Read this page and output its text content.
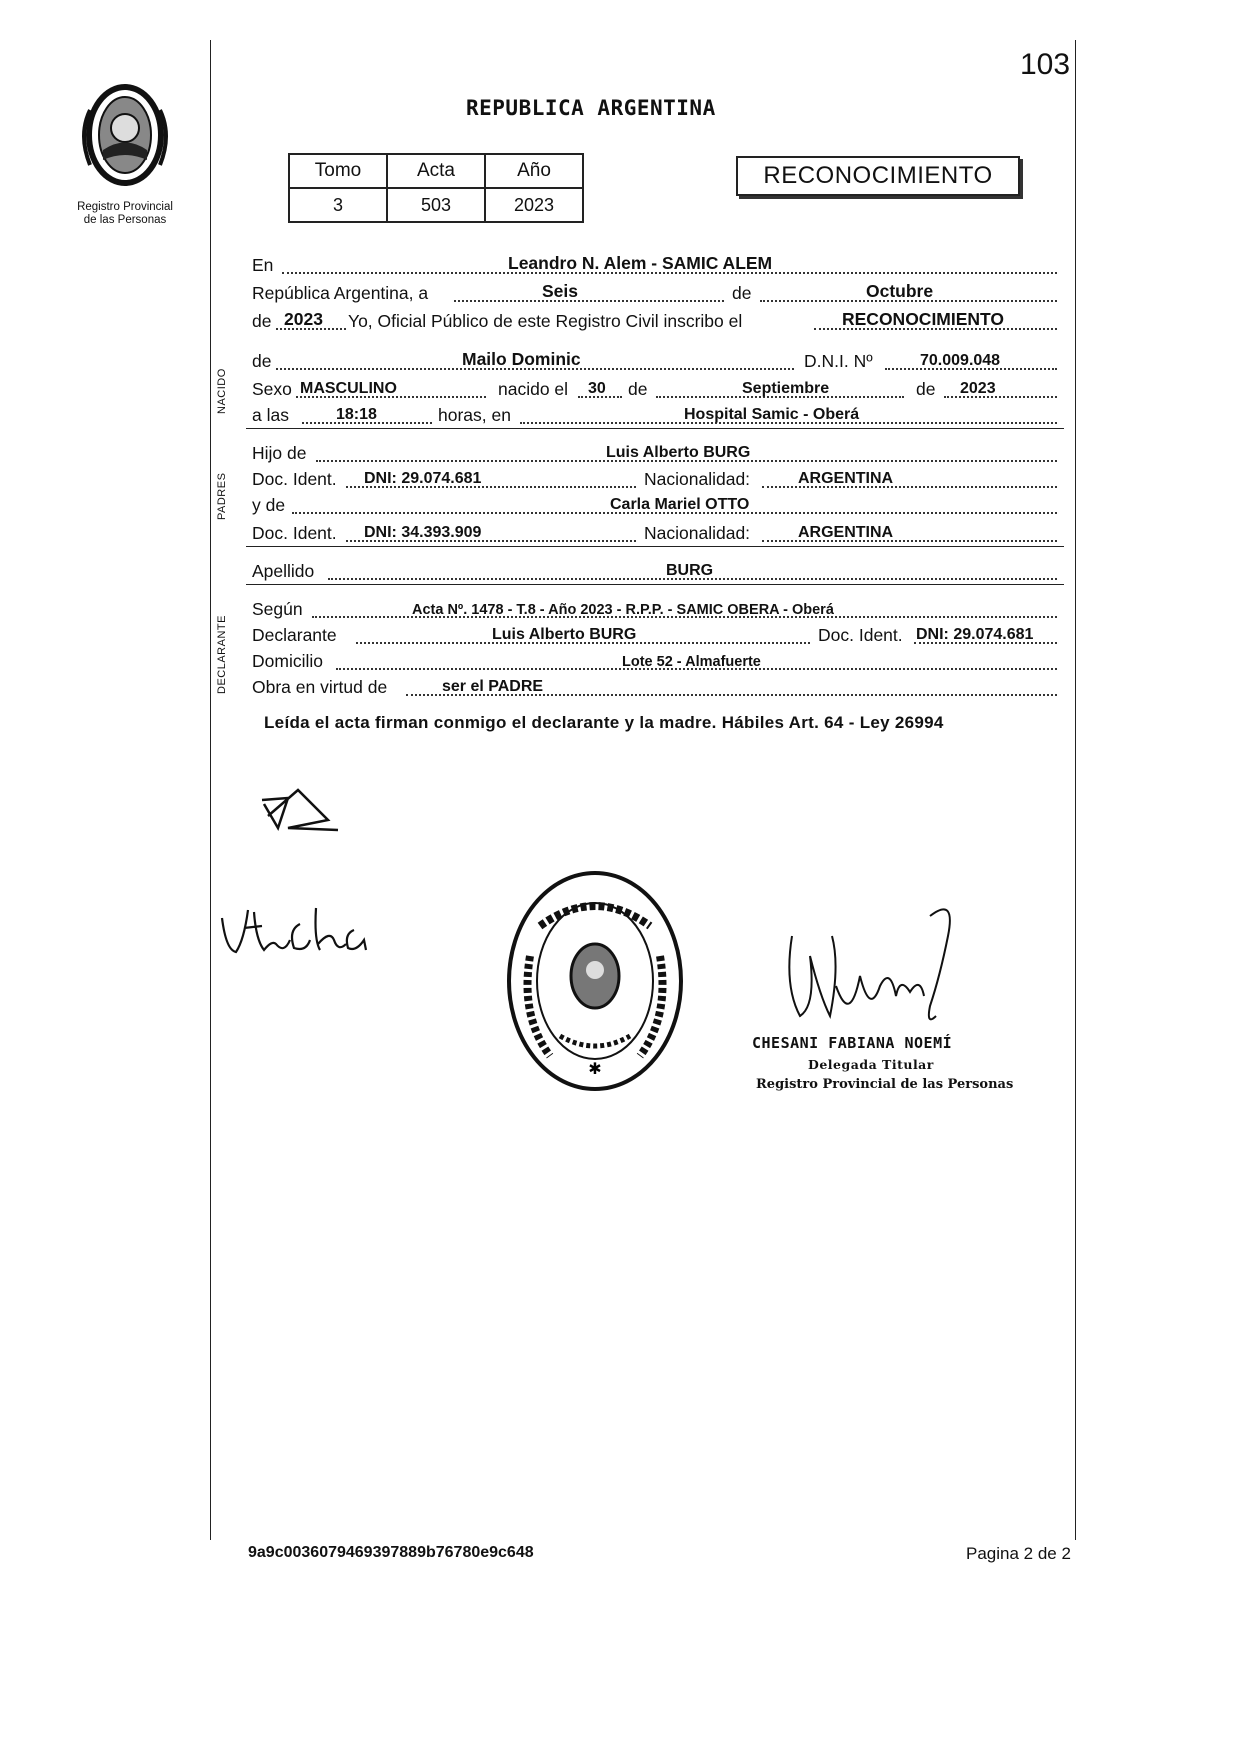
103
Registro Provincial
de las Personas
REPUBLICA ARGENTINA
Tomo	Acta	Año
3	503	2023
RECONOCIMIENTO
En	Leandro N. Alem - SAMIC ALEM
República Argentina, a	Seis	de	Octubre
de 2023 Yo, Oficial Público de este Registro Civil inscribo el	RECONOCIMIENTO
NACIDO
de	Mailo Dominic	D.N.I. Nº	70.009.048
Sexo MASCULINO	nacido el 30 de	Septiembre	de 2023
a las	18:18	horas, en	Hospital Samic - Oberá
PADRES
Hijo de	Luis Alberto BURG
Doc. Ident. DNI: 29.074.681	Nacionalidad:	ARGENTINA
y de	Carla Mariel OTTO
Doc. Ident. DNI: 34.393.909	Nacionalidad:	ARGENTINA
Apellido	BURG
DECLARANTE
Según	Acta Nº. 1478 - T.8 - Año 2023 - R.P.P. - SAMIC OBERA - Oberá
Declarante	Luis Alberto BURG	Doc. Ident. DNI: 29.074.681
Domicilio	Lote 52 - Almafuerte
Obra en virtud de	ser el PADRE
Leída el acta firman conmigo el declarante y la madre. Hábiles Art. 64 - Ley 26994
✱
CHESANI FABIANA NOEMÍ
Delegada Titular
Registro Provincial de las Personas
9a9c0036079469397889b76780e9c648	Pagina 2 de 2
